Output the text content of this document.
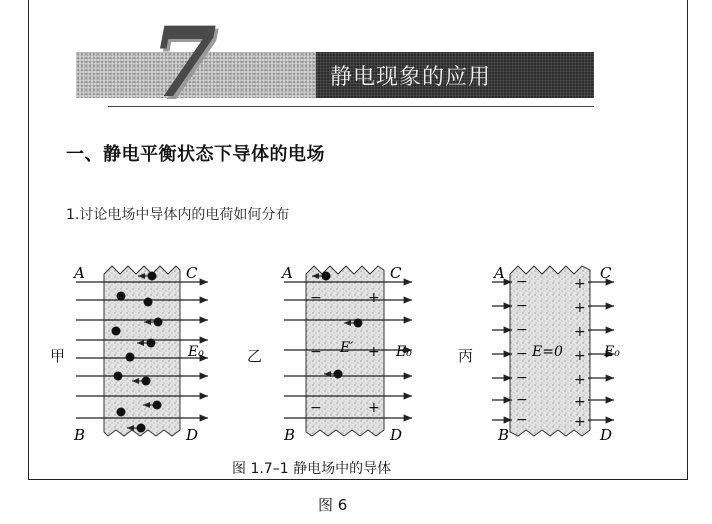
7	静电现象的应用
一、静电平衡状态下导体的电场
1.讨论电场中导体内的电荷如何分布
甲	乙	丙
A	C
B	D
E₀
−
−
−
+
+
+
E′
A	C
B	D
E₀
−
−
−
−
−
−
−
+
+
+
+
+
+
+
E=0
A	C
B	D
E₀
图 1.7–1 静电场中的导体
图 6
